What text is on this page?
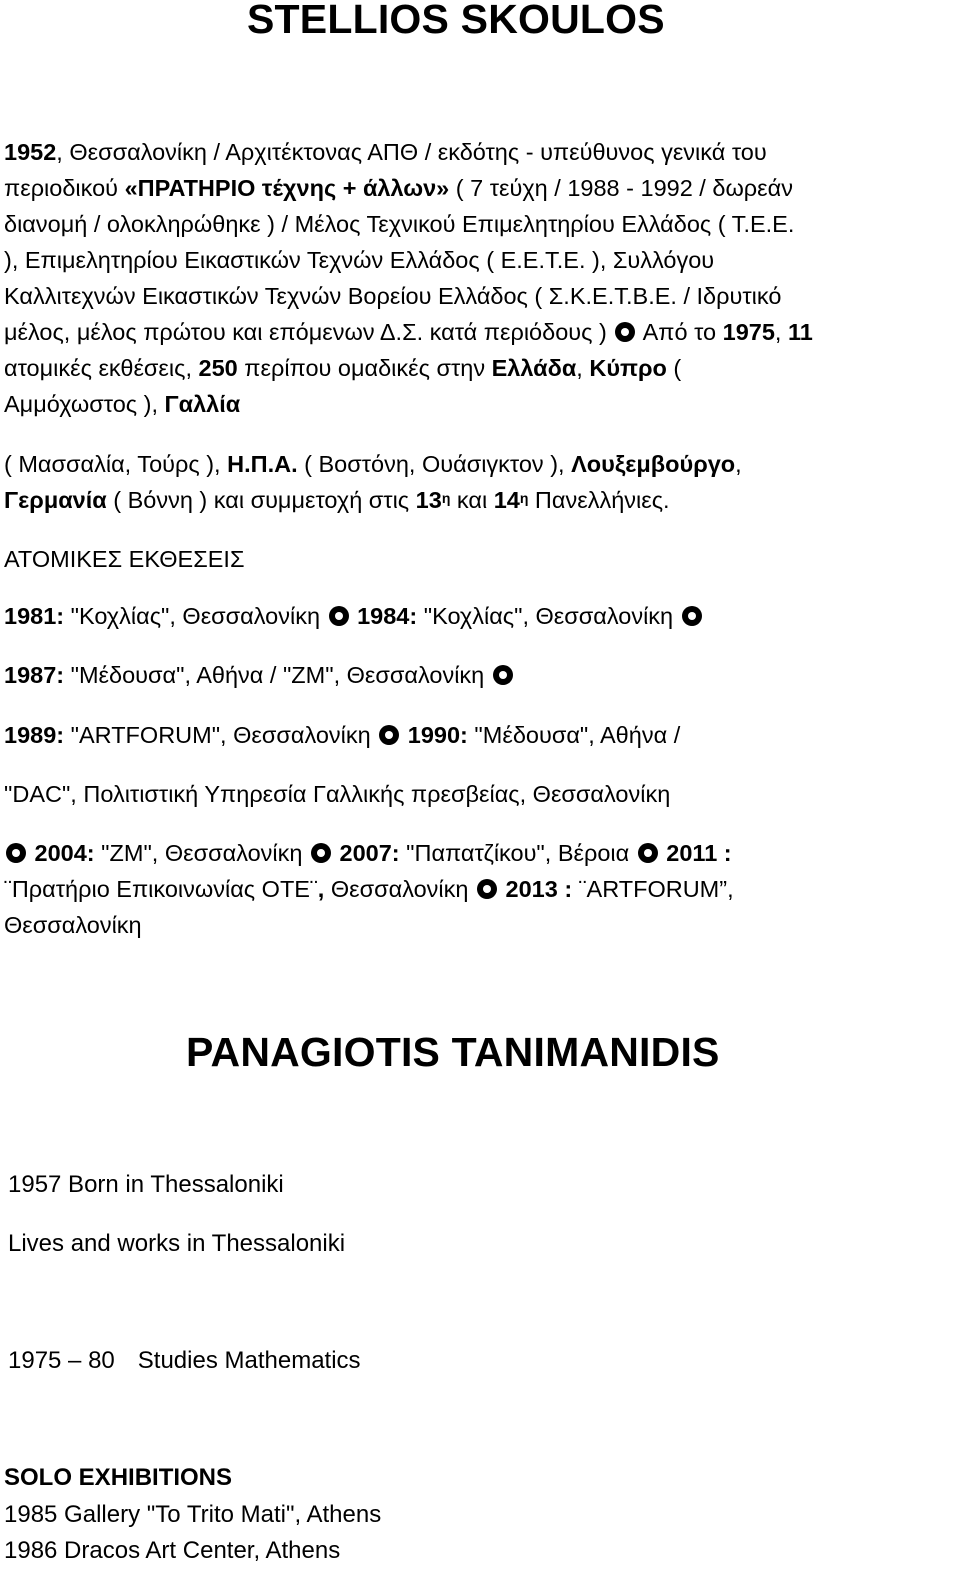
STELLIOS SKOULOS
1952, Θεσσαλονίκη / Αρχιτέκτονας ΑΠΘ / εκδότης - υπεύθυνος γενικά του
περιοδικού «ΠΡΑΤΗΡΙΟ τέχνης + άλλων» ( 7 τεύχη / 1988 - 1992 / δωρεάν
διανομή / ολοκληρώθηκε ) / Μέλος Τεχνικού Επιμελητηρίου Ελλάδος ( Τ.Ε.Ε.
), Επιμελητηρίου Εικαστικών Τεχνών Ελλάδος ( Ε.Ε.Τ.Ε. ), Συλλόγου
Καλλιτεχνών Εικαστικών Τεχνών Βορείου Ελλάδος ( Σ.Κ.Ε.Τ.Β.Ε. / Ιδρυτικό
μέλος, μέλος πρώτου και επόμενων Δ.Σ. κατά περιόδους )  Από το 1975, 11
ατομικές εκθέσεις, 250 περίπου ομαδικές στην Ελλάδα, Κύπρο (
Αμμόχωστος ), Γαλλία
( Μασσαλία, Τούρς ), Η.Π.Α. ( Βοστόνη, Ουάσιγκτον ), Λουξεμβούργο,
Γερμανία ( Βόννη ) και συμμετοχή στις $13^\eta$ και $14^\eta$ Πανελλήνιες.
ΑΤΟΜΙΚΕΣ ΕΚΘΕΣΕΙΣ
1981: "Κοχλίας", Θεσσαλονίκη  1984: "Κοχλίας", Θεσσαλονίκη
1987: "Μέδουσα", Αθήνα / "ΖΜ", Θεσσαλονίκη
1989: "ARTFORUM", Θεσσαλονίκη  1990: "Μέδουσα", Αθήνα /
"DAC", Πολιτιστική Υπηρεσία Γαλλικής πρεσβείας, Θεσσαλονίκη
2004: "ΖΜ", Θεσσαλονίκη  2007: "Παπατζίκου", Βέροια  2011 :
¨Πρατήριο Επικοινωνίας ΟΤΕ¨, Θεσσαλονίκη  2013 : ¨ARTFORUM”,
Θεσσαλονίκη
PANAGIOTIS TANIMANIDIS
1957 Born in Thessaloniki
Lives and works in Thessaloniki
1975 – 80 Studies Mathematics
SOLO EXHIBITIONS
1985 Gallery "To Trito Mati", Athens
1986 Dracos Art Center, Athens
